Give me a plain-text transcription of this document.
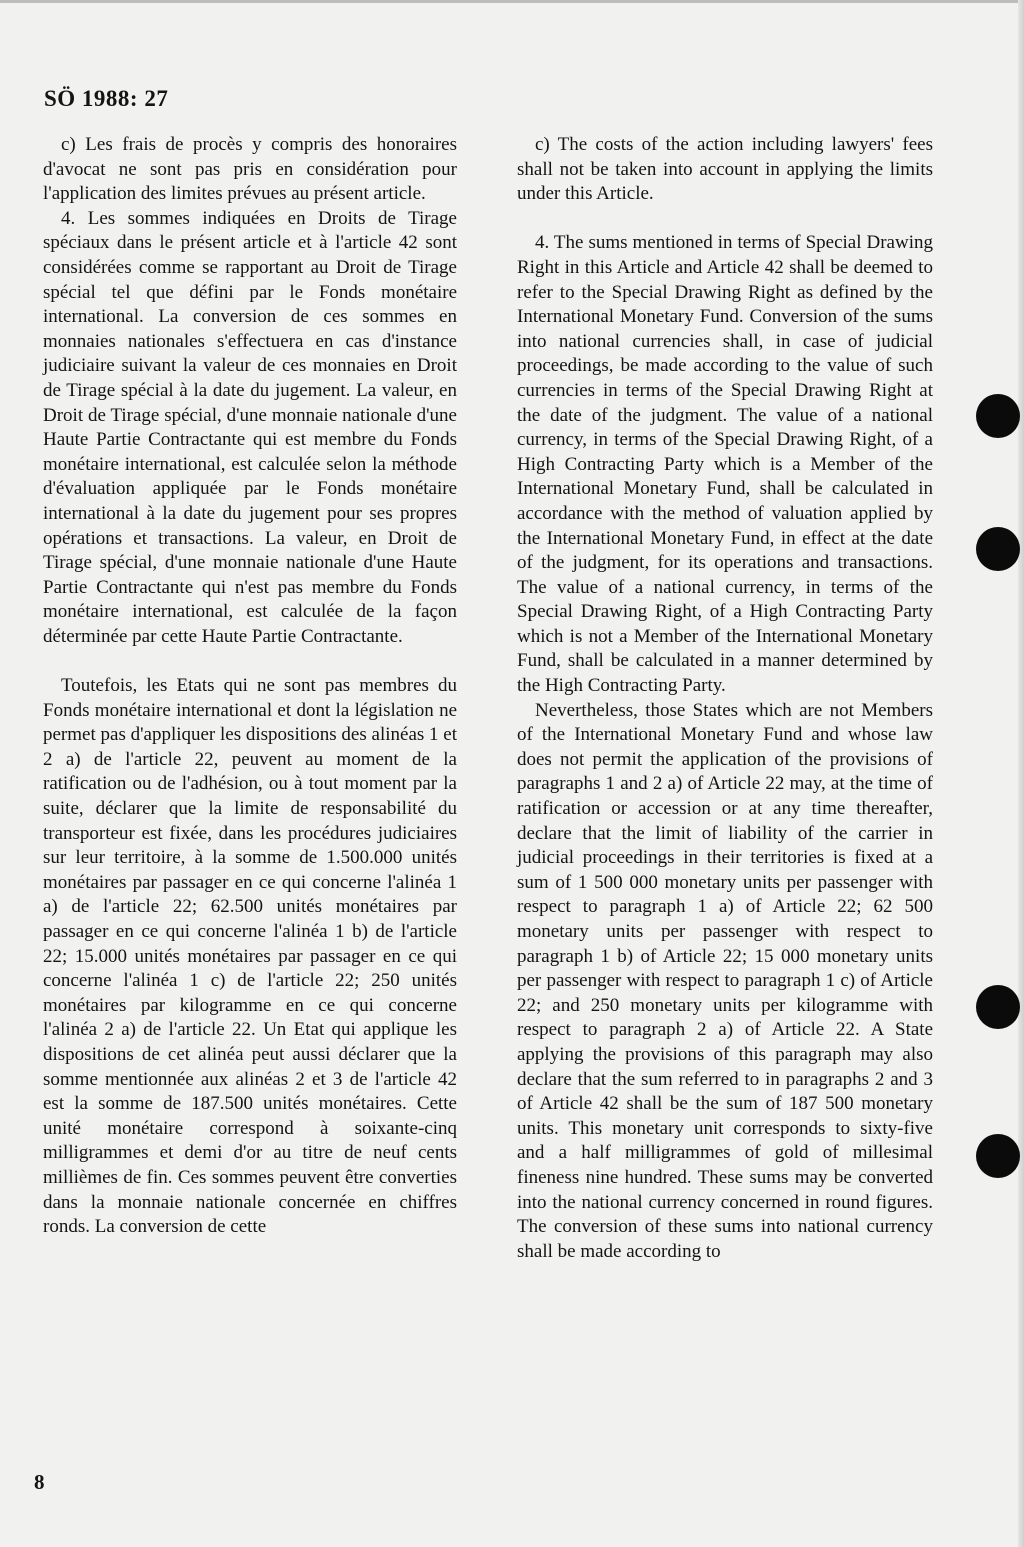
SÖ 1988: 27

c) Les frais de procès y compris des honoraires d'avocat ne sont pas pris en considération pour l'application des limites prévues au présent article.

4. Les sommes indiquées en Droits de Tirage spéciaux dans le présent article et à l'article 42 sont considérées comme se rapportant au Droit de Tirage spécial tel que défini par le Fonds monétaire international. La conversion de ces sommes en monnaies nationales s'effectuera en cas d'instance judiciaire suivant la valeur de ces monnaies en Droit de Tirage spécial à la date du jugement. La valeur, en Droit de Tirage spécial, d'une monnaie nationale d'une Haute Partie Contractante qui est membre du Fonds monétaire international, est calculée selon la méthode d'évaluation appliquée par le Fonds monétaire international à la date du jugement pour ses propres opérations et transactions. La valeur, en Droit de Tirage spécial, d'une monnaie nationale d'une Haute Partie Contractante qui n'est pas membre du Fonds monétaire international, est calculée de la façon déterminée par cette Haute Partie Contractante.

Toutefois, les Etats qui ne sont pas membres du Fonds monétaire international et dont la législation ne permet pas d'appliquer les dispositions des alinéas 1 et 2 a) de l'article 22, peuvent au moment de la ratification ou de l'adhésion, ou à tout moment par la suite, déclarer que la limite de responsabilité du transporteur est fixée, dans les procédures judiciaires sur leur territoire, à la somme de 1.500.000 unités monétaires par passager en ce qui concerne l'alinéa 1 a) de l'article 22; 62.500 unités monétaires par passager en ce qui concerne l'alinéa 1 b) de l'article 22; 15.000 unités monétaires par passager en ce qui concerne l'alinéa 1 c) de l'article 22; 250 unités monétaires par kilogramme en ce qui concerne l'alinéa 2 a) de l'article 22. Un Etat qui applique les dispositions de cet alinéa peut aussi déclarer que la somme mentionnée aux alinéas 2 et 3 de l'article 42 est la somme de 187.500 unités monétaires. Cette unité monétaire correspond à soixante-cinq milligrammes et demi d'or au titre de neuf cents millièmes de fin. Ces sommes peuvent être converties dans la monnaie nationale concernée en chiffres ronds. La conversion de cette

c) The costs of the action including lawyers' fees shall not be taken into account in applying the limits under this Article.

4. The sums mentioned in terms of Special Drawing Right in this Article and Article 42 shall be deemed to refer to the Special Drawing Right as defined by the International Monetary Fund. Conversion of the sums into national currencies shall, in case of judicial proceedings, be made according to the value of such currencies in terms of the Special Drawing Right at the date of the judgment. The value of a national currency, in terms of the Special Drawing Right, of a High Contracting Party which is a Member of the International Monetary Fund, shall be calculated in accordance with the method of valuation applied by the International Monetary Fund, in effect at the date of the judgment, for its operations and transactions. The value of a national currency, in terms of the Special Drawing Right, of a High Contracting Party which is not a Member of the International Monetary Fund, shall be calculated in a manner determined by the High Contracting Party.

Nevertheless, those States which are not Members of the International Monetary Fund and whose law does not permit the application of the provisions of paragraphs 1 and 2 a) of Article 22 may, at the time of ratification or accession or at any time thereafter, declare that the limit of liability of the carrier in judicial proceedings in their territories is fixed at a sum of 1 500 000 monetary units per passenger with respect to paragraph 1 a) of Article 22; 62 500 monetary units per passenger with respect to paragraph 1 b) of Article 22; 15 000 monetary units per passenger with respect to paragraph 1 c) of Article 22; and 250 monetary units per kilogramme with respect to paragraph 2 a) of Article 22. A State applying the provisions of this paragraph may also declare that the sum referred to in paragraphs 2 and 3 of Article 42 shall be the sum of 187 500 monetary units. This monetary unit corresponds to sixty-five and a half milligrammes of gold of millesimal fineness nine hundred. These sums may be converted into the national currency concerned in round figures. The conversion of these sums into national currency shall be made according to

8
